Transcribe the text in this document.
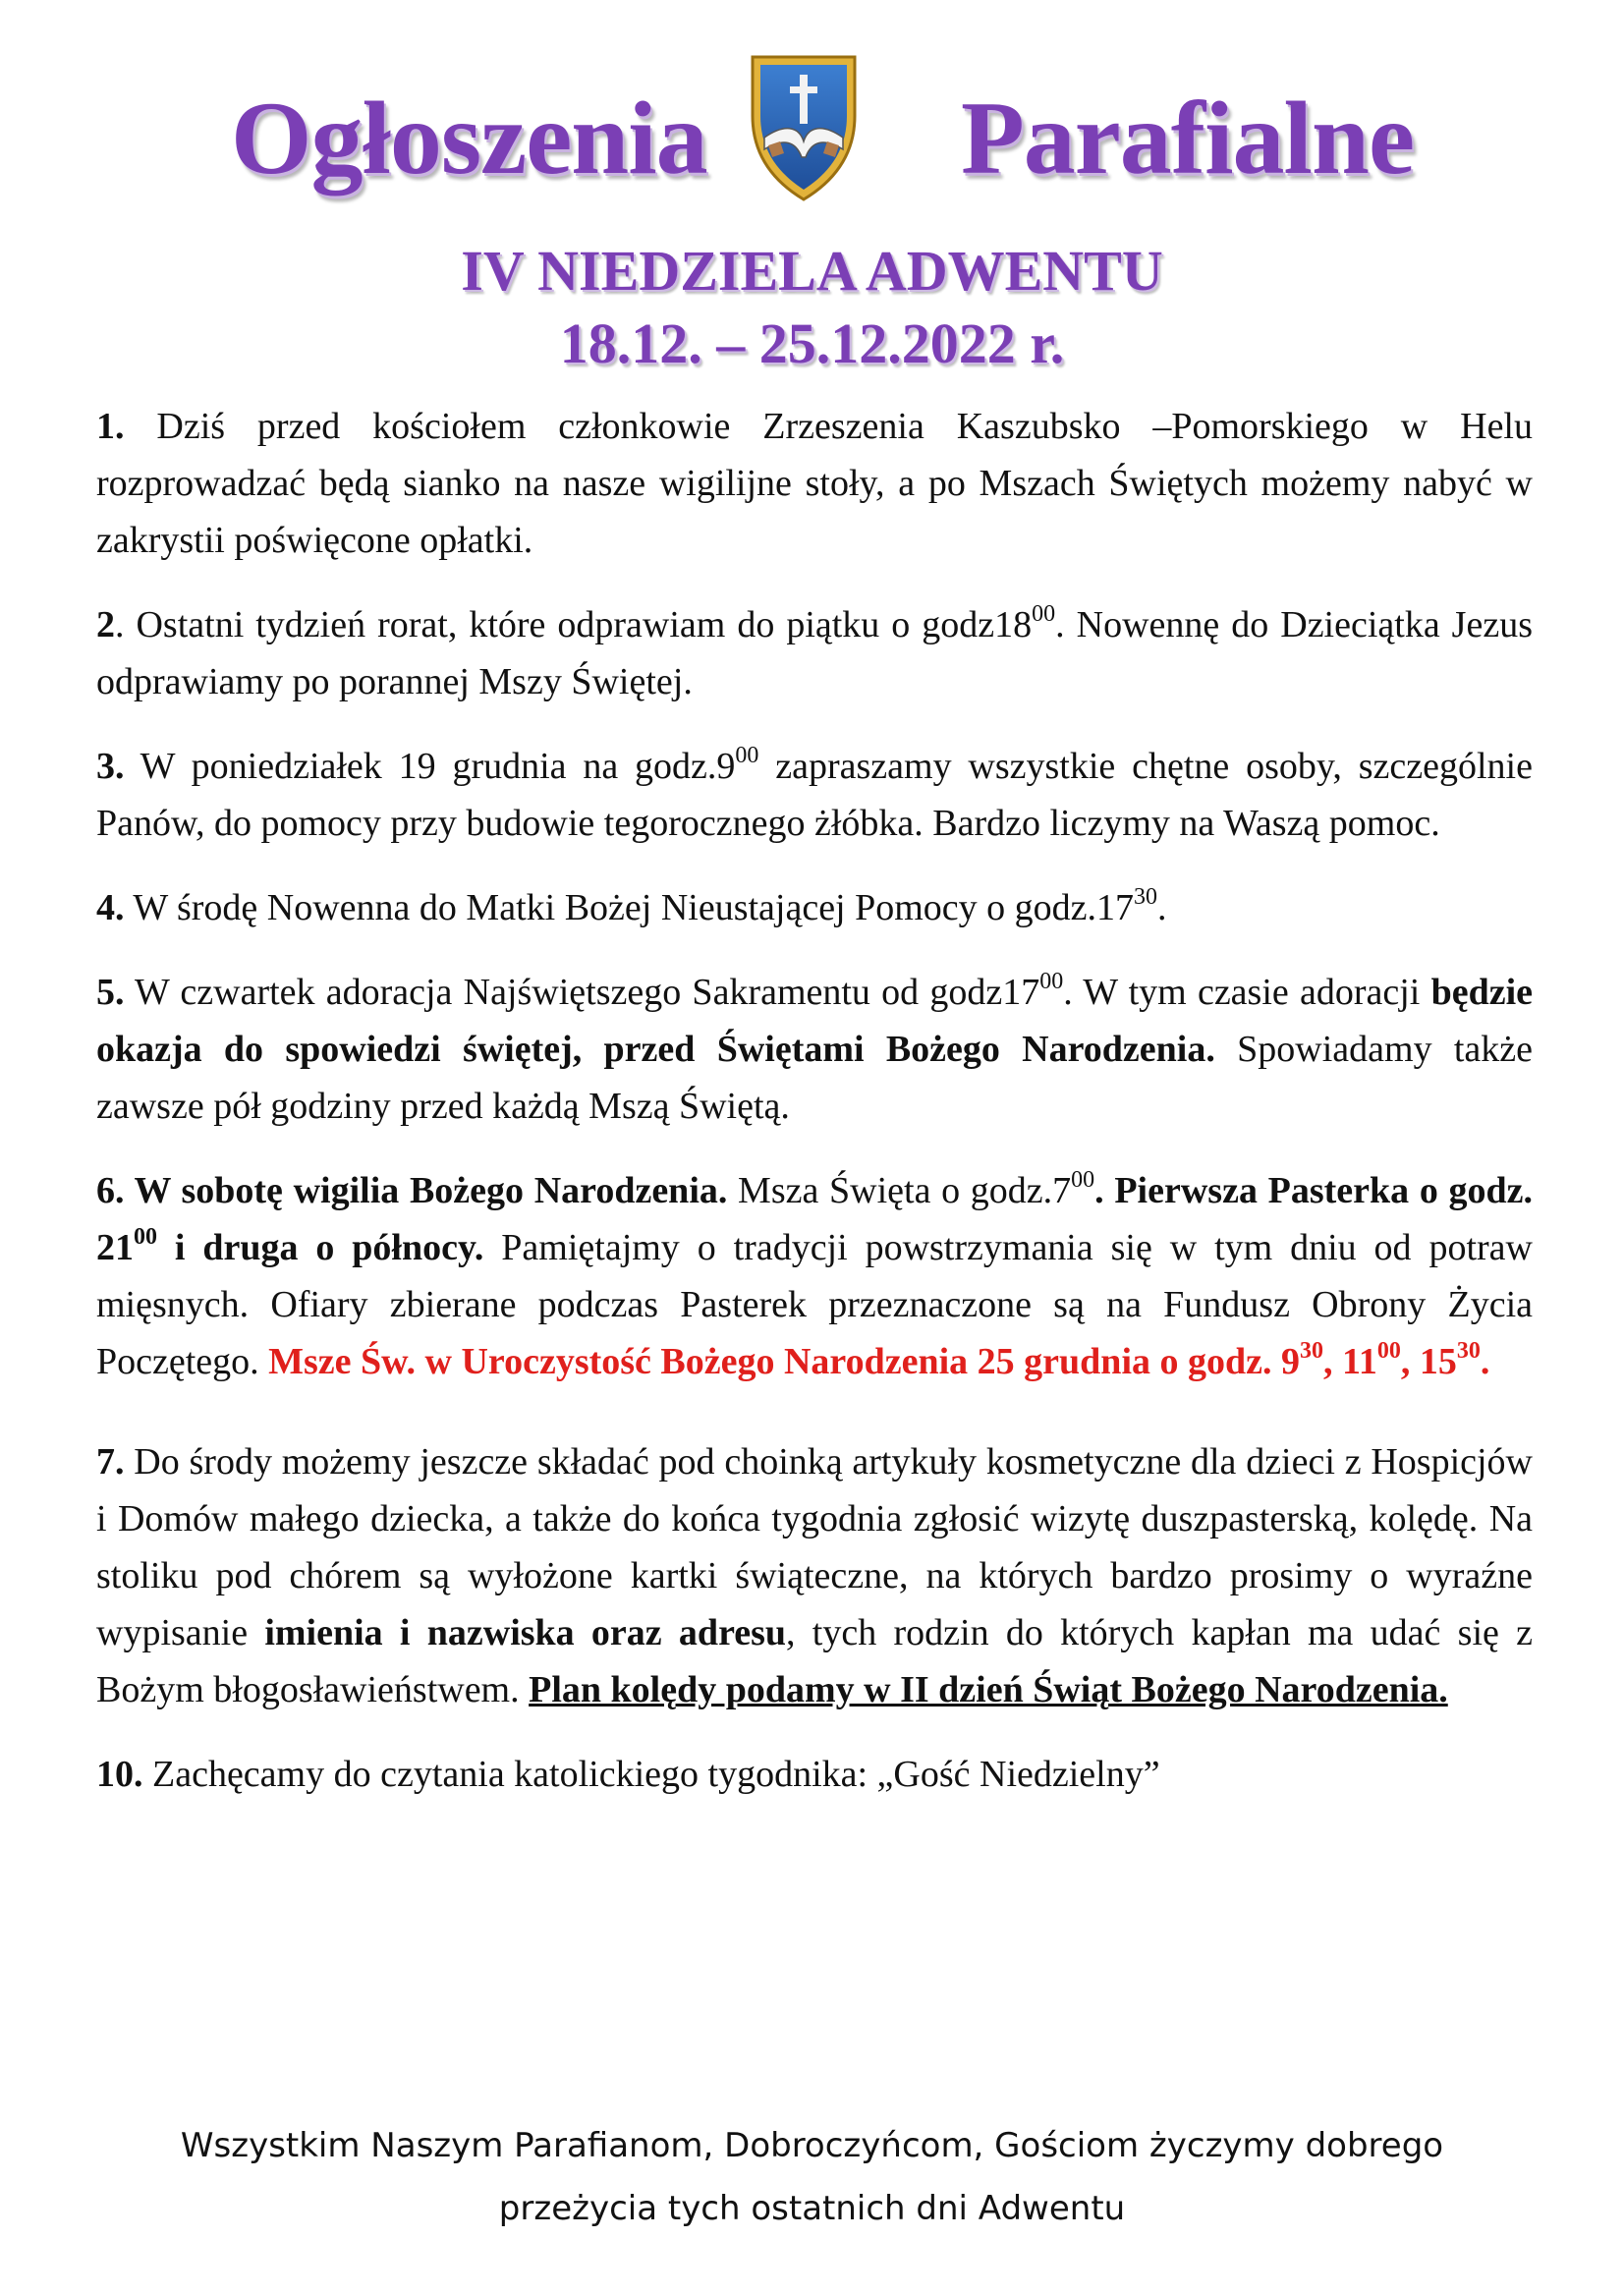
Ogłoszenia Parafialne
IV NIEDZIELA ADWENTU
18.12. – 25.12.2022 r.

1. Dziś przed kościołem członkowie Zrzeszenia Kaszubsko –Pomorskiego w Helu rozprowadzać będą sianko na nasze wigilijne stoły, a po Mszach Świętych możemy nabyć w zakrystii poświęcone opłatki.

2. Ostatni tydzień rorat, które odprawiam do piątku o $godz18^{00}$. Nowennę do Dzieciątka Jezus odprawiamy po porannej Mszy Świętej.

3. W poniedziałek 19 grudnia na $godz.9^{00}$ zapraszamy wszystkie chętne osoby, szczególnie Panów, do pomocy przy budowie tegorocznego żłóbka. Bardzo liczymy na Waszą pomoc.

4. W środę Nowenna do Matki Bożej Nieustającej Pomocy o $godz.17^{30}$.

5. W czwartek adoracja Najświętszego Sakramentu od $godz17^{00}$. W tym czasie adoracji będzie okazja do spowiedzi świętej, przed Świętami Bożego Narodzenia. Spowiadamy także zawsze pół godziny przed każdą Mszą Świętą.

6. W sobotę wigilia Bożego Narodzenia. Msza Święta o $godz.7^{00}$. Pierwsza Pasterka o godz. $21^{00}$ i druga o północy. Pamiętajmy o tradycji powstrzymania się w tym dniu od potraw mięsnych. Ofiary zbierane podczas Pasterek przeznaczone są na Fundusz Obrony Życia Poczętego. Msze Św. w Uroczystość Bożego Narodzenia 25 grudnia o godz. $9^{30}$, $11^{00}$, $15^{30}$.

7. Do środy możemy jeszcze składać pod choinką artykuły kosmetyczne dla dzieci z Hospicjów i Domów małego dziecka, a także do końca tygodnia zgłosić wizytę duszpasterską, kolędę. Na stoliku pod chórem są wyłożone kartki świąteczne, na których bardzo prosimy o wyraźne wypisanie imienia i nazwiska oraz adresu, tych rodzin do których kapłan ma udać się z Bożym błogosławieństwem. Plan kolędy podamy w II dzień Świąt Bożego Narodzenia.

10. Zachęcamy do czytania katolickiego tygodnika: „Gość Niedzielny”

Wszystkim Naszym Parafianom, Dobroczyńcom, Gościom życzymy dobrego
przeżycia tych ostatnich dni Adwentu
